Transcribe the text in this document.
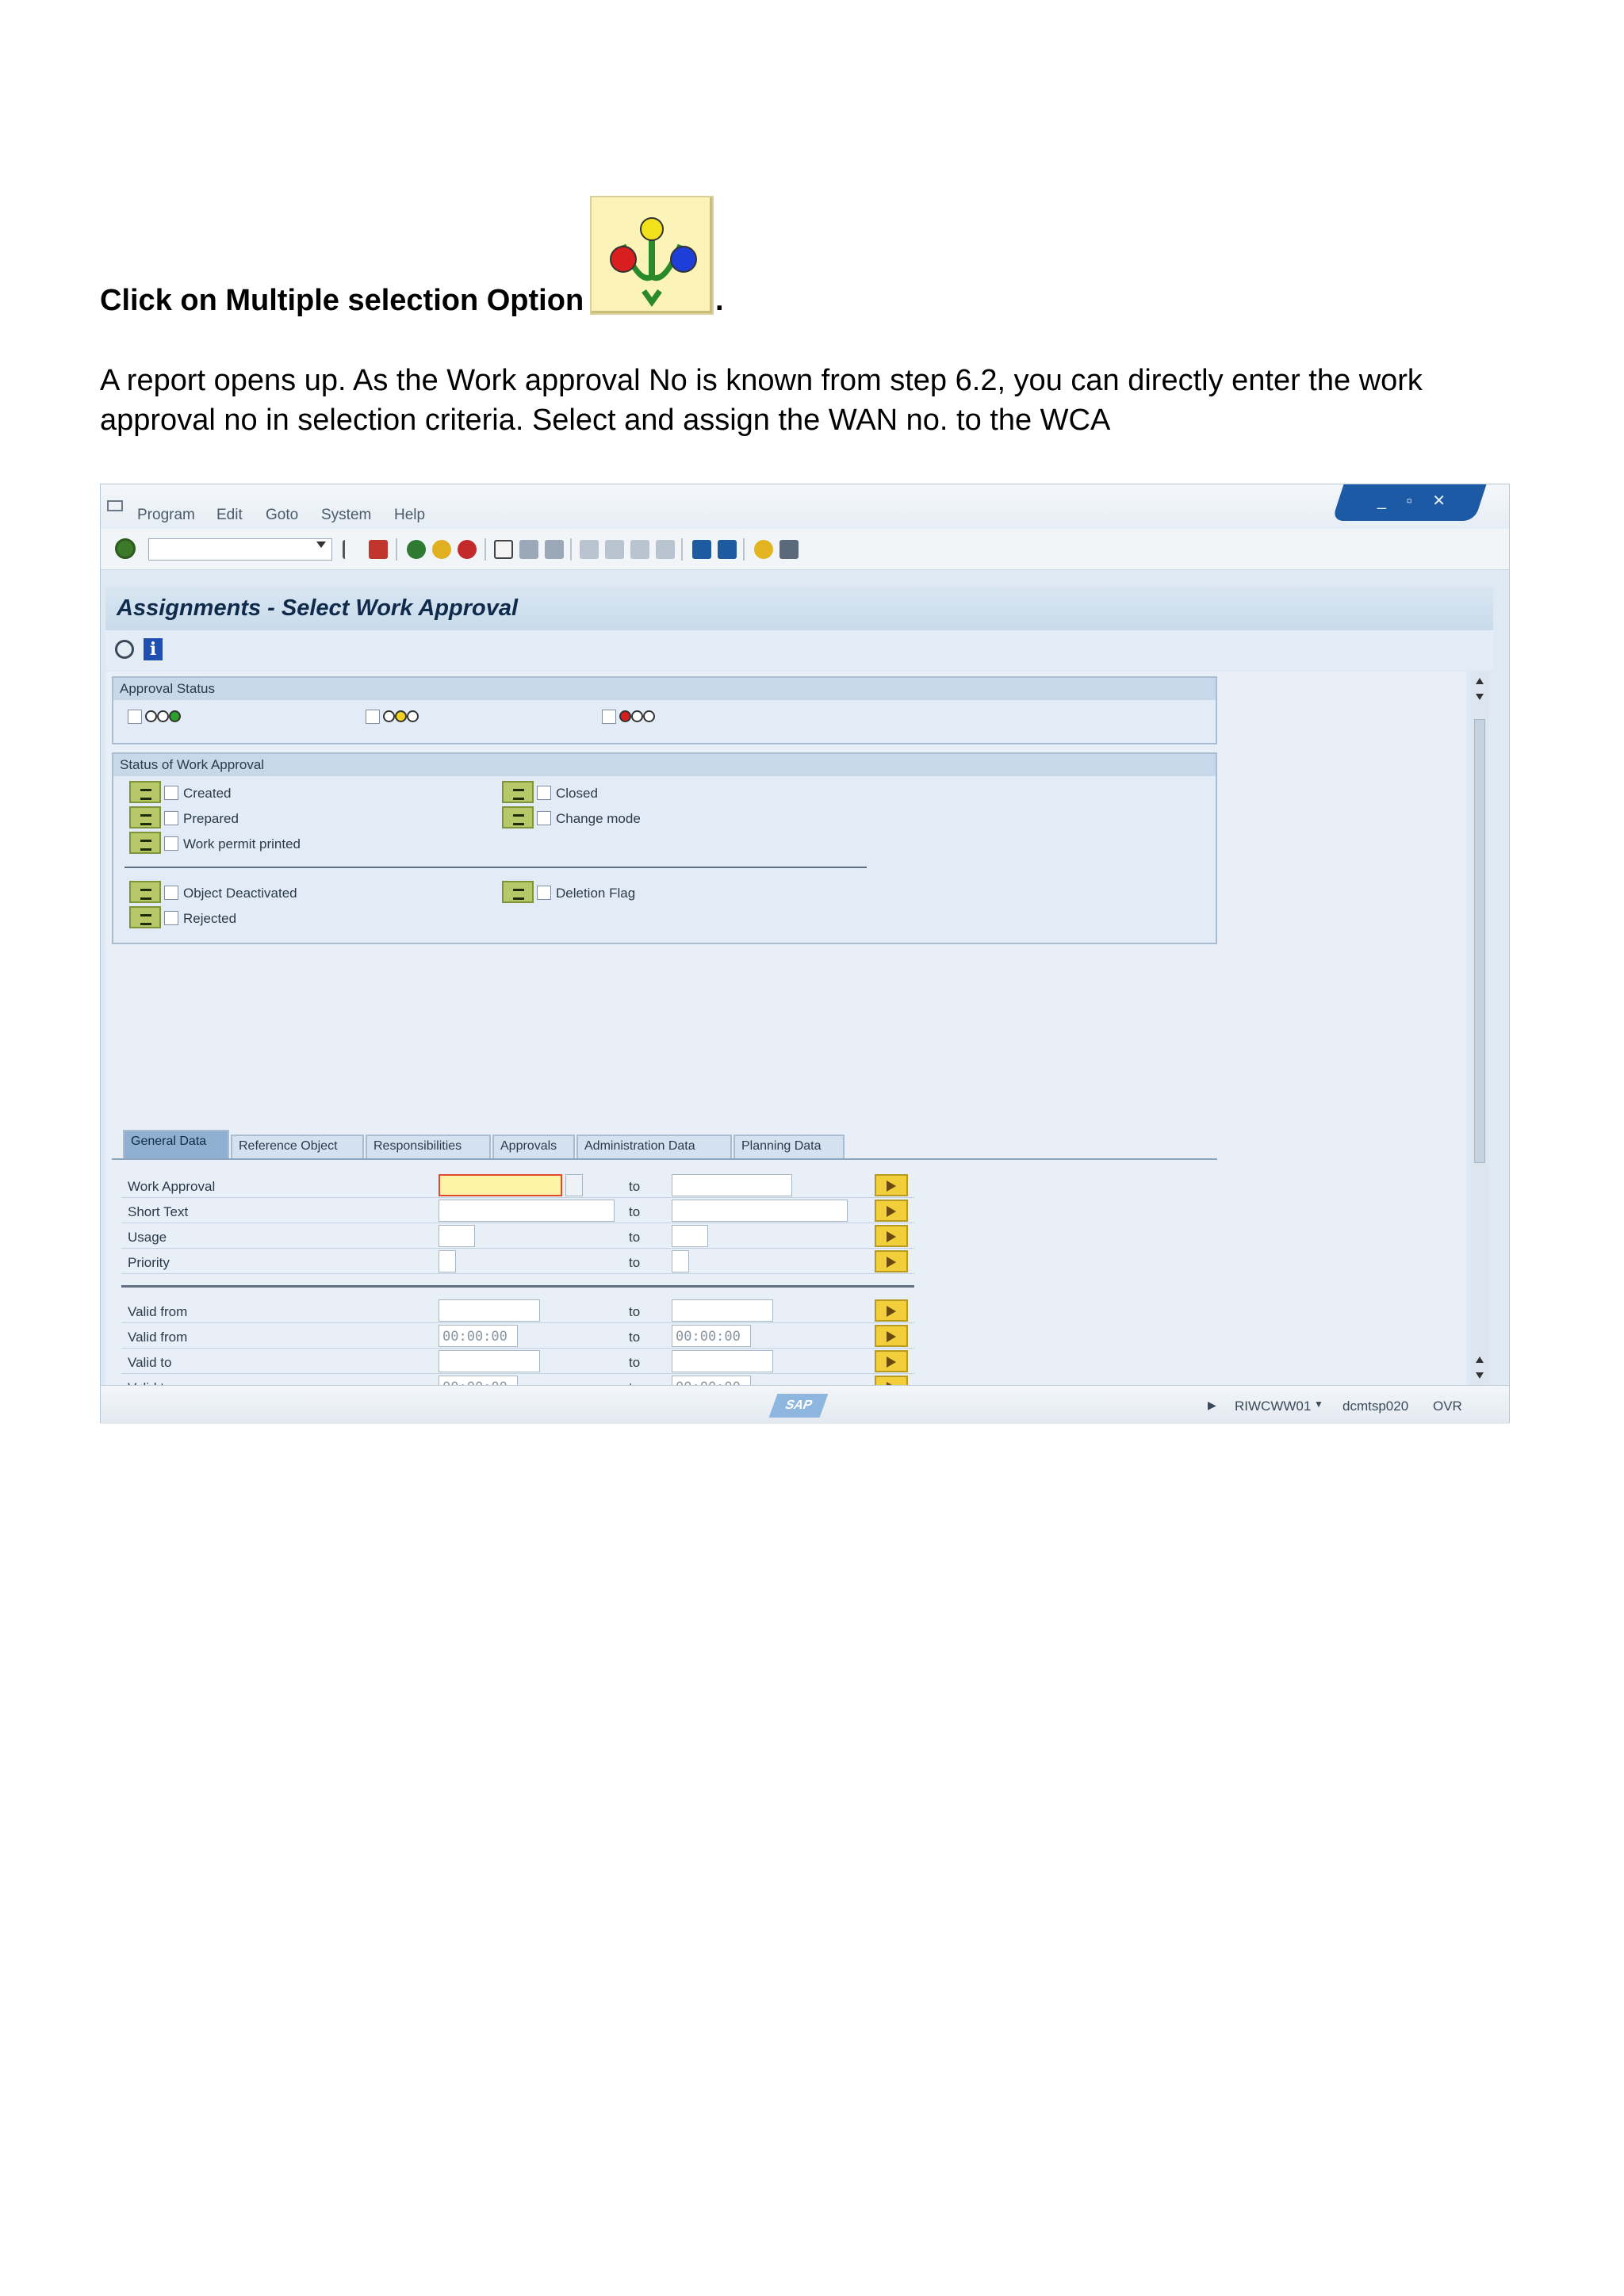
Click on Multiple selection Option	.
A report opens up. As the Work approval No is known from step 6.2, you can directly enter the work approval no in selection criteria. Select and assign the WAN no. to the WCA
Program Edit Goto System Help
_ ▫ ✕
Assignments - Select Work Approval
i
Approval Status
Status of Work Approval
Created
Prepared
Work permit printed
Closed
Change mode
Object Deactivated
Rejected
Deletion Flag
General Data	Reference Object	Responsibilities	Approvals	Administration Data	Planning Data
Work Approval	to
Short Text	to
Usage	to
Priority	to
Valid from	to
Valid from	00:00:00	to	00:00:00
Valid to	to
SAP	▶ RIWCWW01 ▼ dcmtsp020 OVR
